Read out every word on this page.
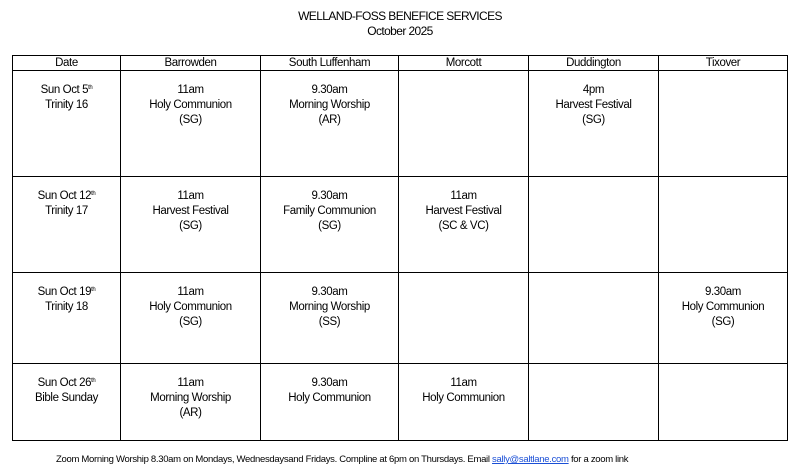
WELLAND-FOSS BENEFICE SERVICES
October 2025
Date	Barrowden	South Luffenham	Morcott	Duddington	Tixover

Sun Oct 5th
Trinity 16	11am
Holy Communion
(SG)	9.30am
Morning Worship
(AR)		4pm
Harvest Festival
(SG)	

Sun Oct 12th
Trinity 17	11am
Harvest Festival
(SG)	9.30am
Family Communion
(SG)	11am
Harvest Festival
(SC & VC)		

Sun Oct 19th
Trinity 18	11am
Holy Communion
(SG)	9.30am
Morning Worship
(SS)			9.30am
Holy Communion
(SG)

Sun Oct 26th
Bible Sunday	11am
Morning Worship
(AR)	9.30am
Holy Communion	11am
Holy Communion		

Zoom Morning Worship 8.30am on Mondays, Wednesdaysand Fridays. Compline at 6pm on Thursdays. Email sally@saltlane.com for a zoom link
